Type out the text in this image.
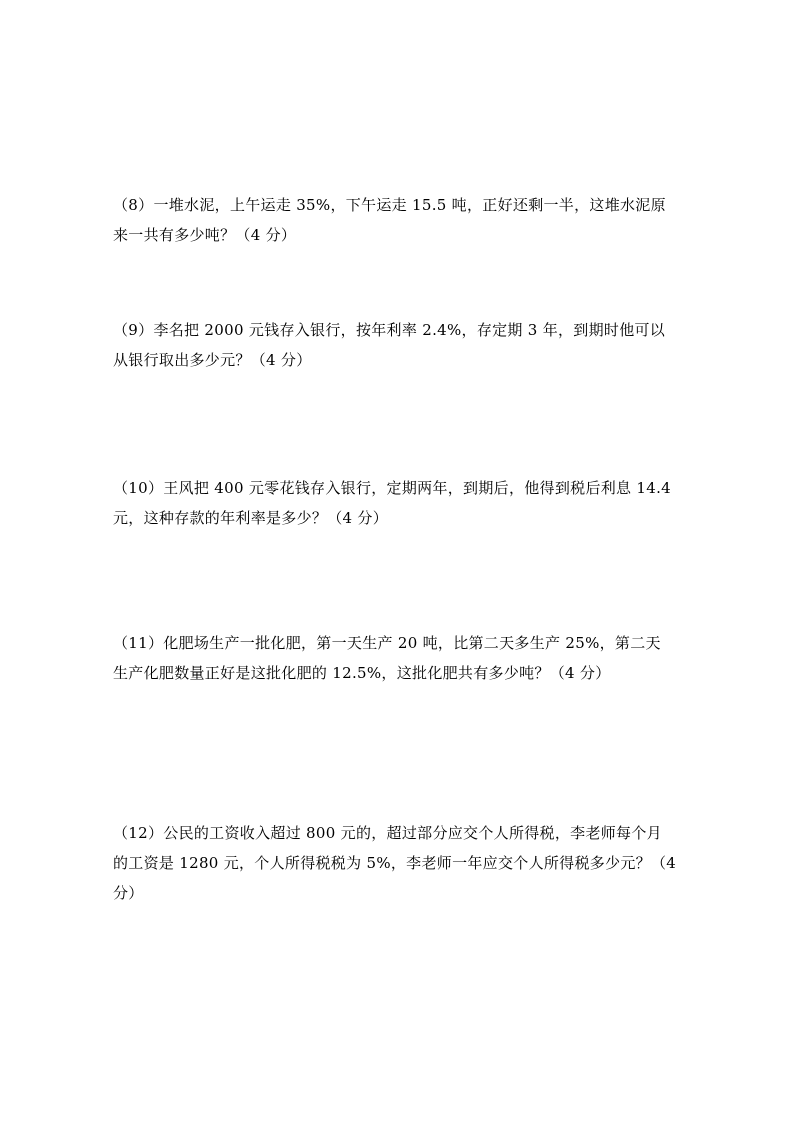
（8）一堆水泥，上午运走 35%，下午运走 15.5 吨，正好还剩一半，这堆水泥原
来一共有多少吨？（4 分）
（9）李名把 2000 元钱存入银行，按年利率 2.4%，存定期 3 年，到期时他可以
从银行取出多少元？（4 分）
（10）王风把 400 元零花钱存入银行，定期两年，到期后，他得到税后利息 14.4
元，这种存款的年利率是多少？（4 分）
（11）化肥场生产一批化肥，第一天生产 20 吨，比第二天多生产 25%，第二天
生产化肥数量正好是这批化肥的 12.5%，这批化肥共有多少吨？（4 分）
（12）公民的工资收入超过 800 元的，超过部分应交个人所得税，李老师每个月
的工资是 1280 元，个人所得税税为 5%，李老师一年应交个人所得税多少元？（4
分）
